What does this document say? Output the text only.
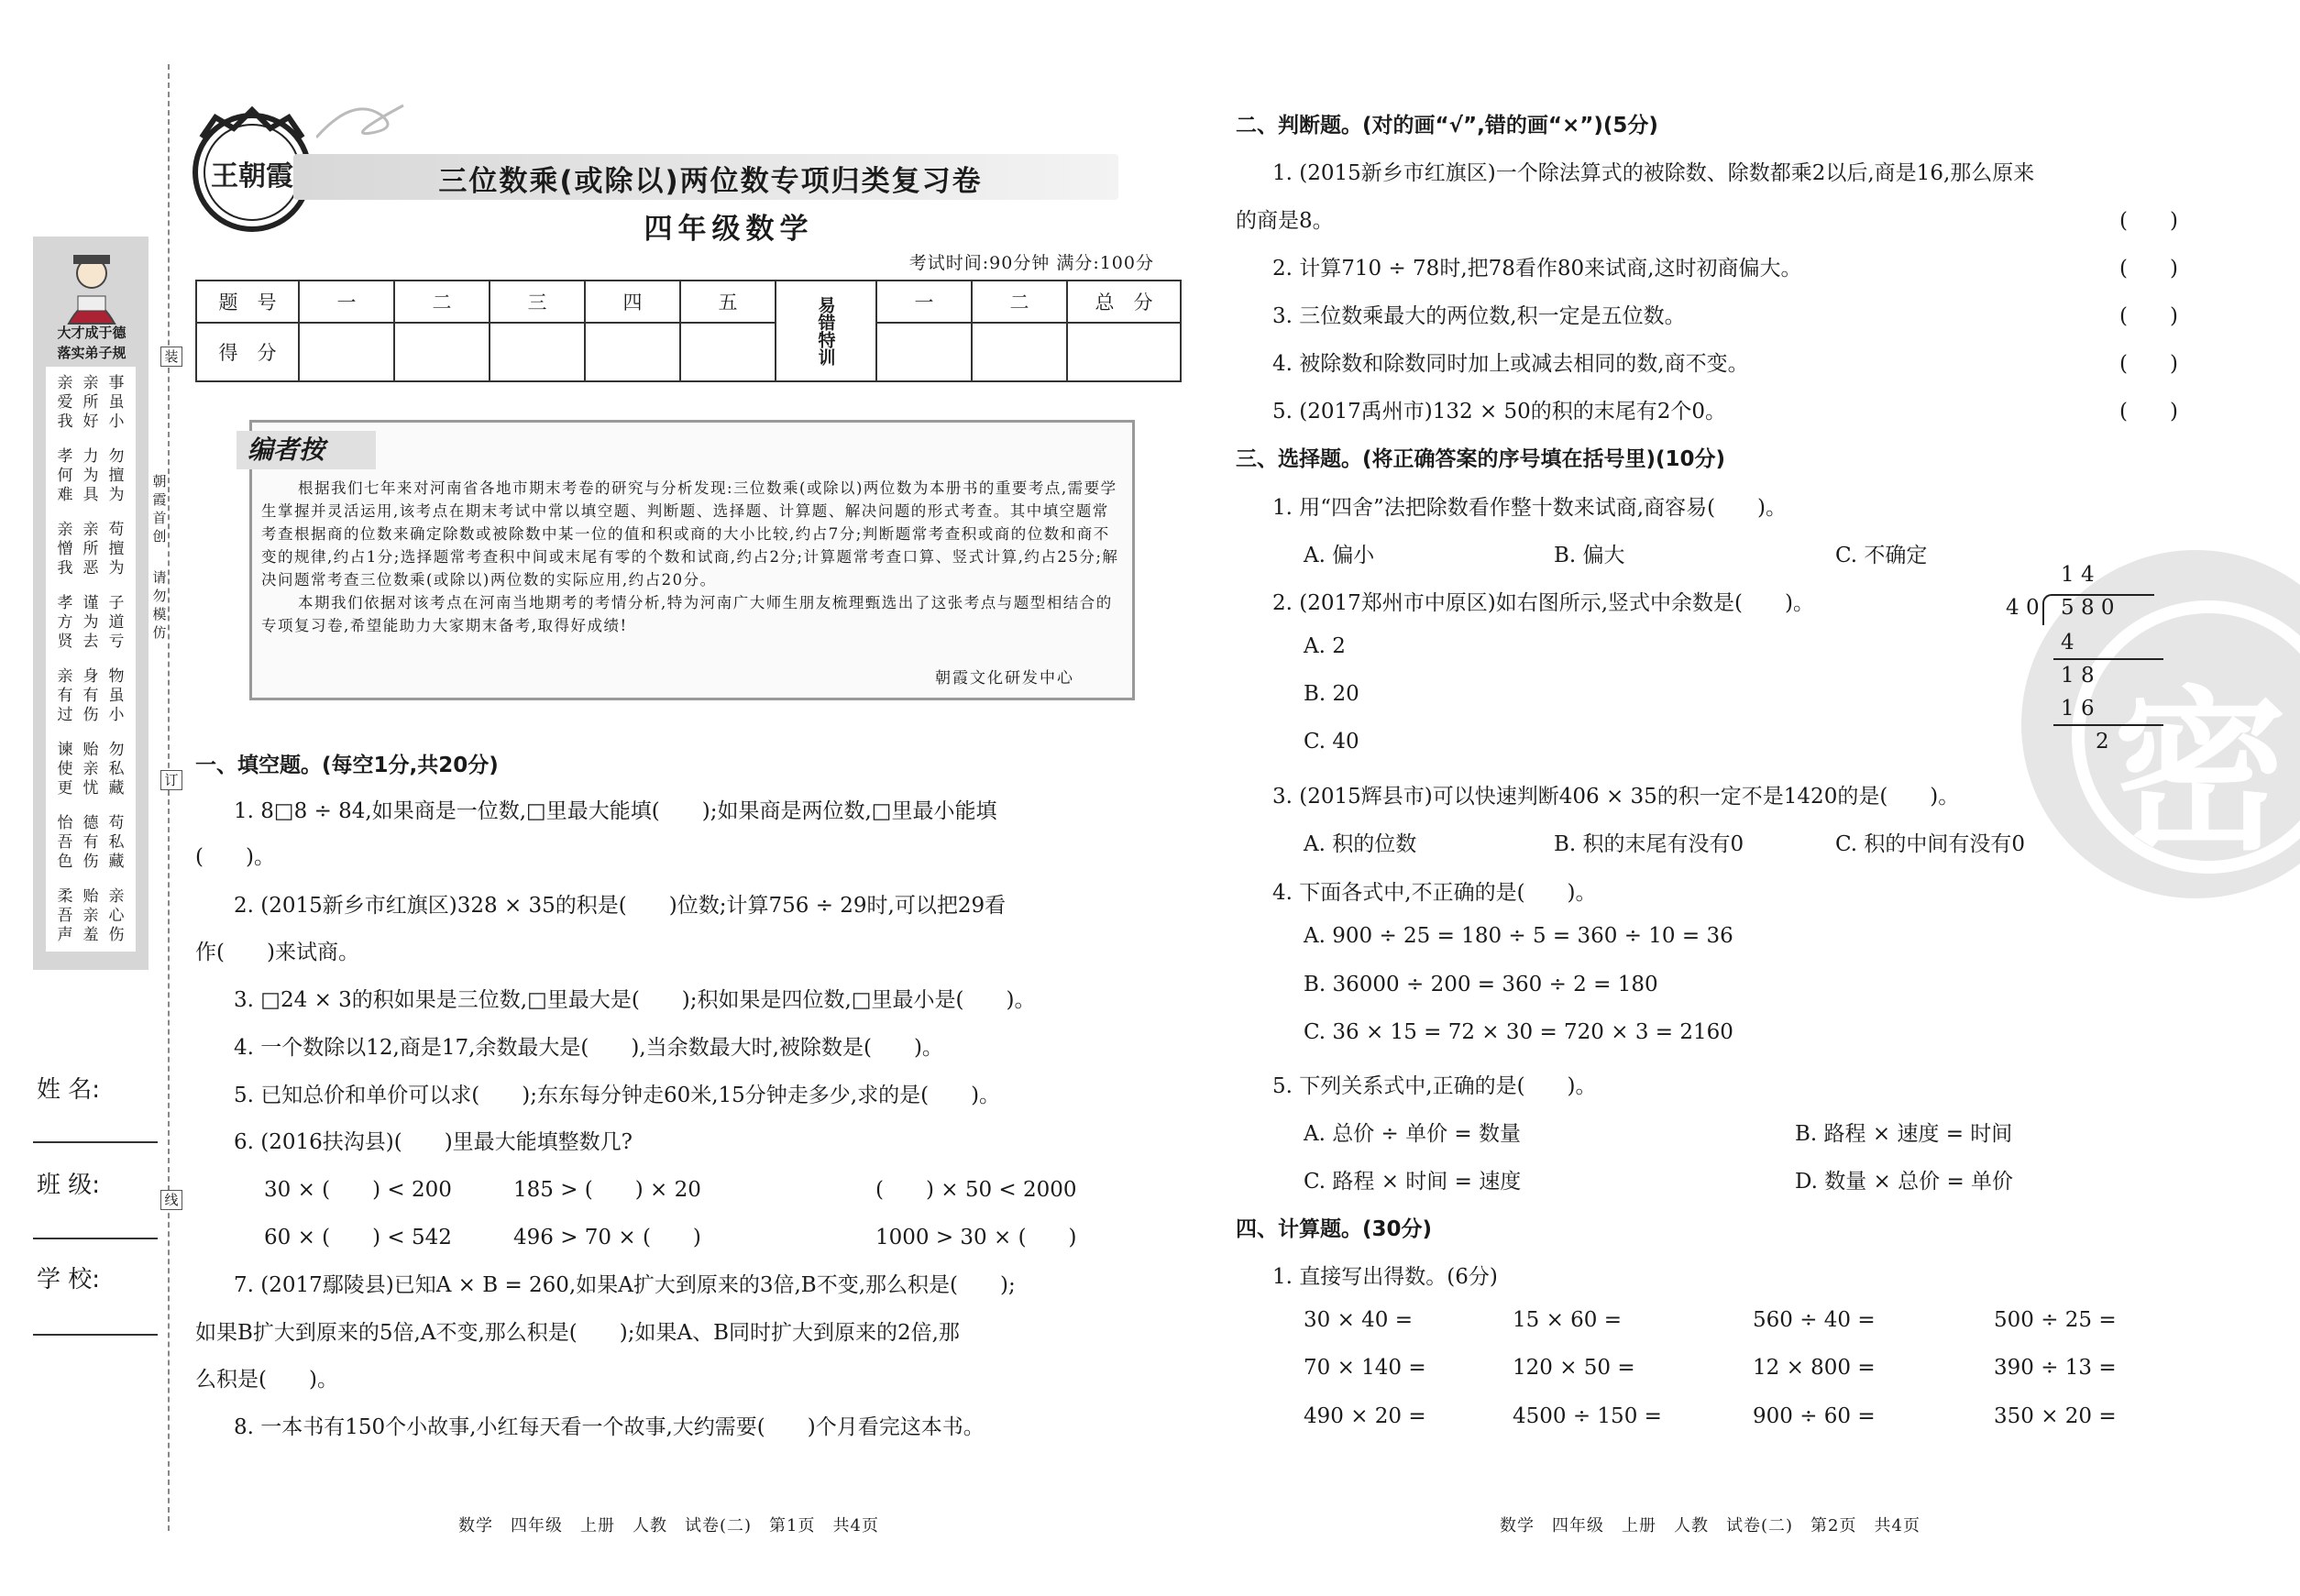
大才成于德
落实弟子规
亲爱我
亲所好
事虽小
孝何难
力为具
勿擅为
亲憎我
亲所恶
苟擅为
孝方贤
谨为去
子道亏
亲有过
身有伤
物虽小
谏使更
贻亲忧
勿私藏
怡吾色
德有伤
苟私藏
柔吾声
贻亲羞
亲心伤
装
订
线
朝霞首创
请勿模仿
姓 名:
班 级:
学 校:
王朝霞	三位数乘(或除以)两位数专项归类复习卷
四年级数学
考试时间:90分钟 满分:100分
题　号	一	二	三	四	五	易错特训	一	二	总　分
得　分									
编者按
根据我们七年来对河南省各地市期末考卷的研究与分析发现:三位数乘(或除以)两位数为本册书的重要考点,需要学生掌握并灵活运用,该考点在期末考试中常以填空题、判断题、选择题、计算题、解决问题的形式考查。其中填空题常考查根据商的位数来确定除数或被除数中某一位的值和积或商的大小比较,约占7分;判断题常考查积或商的位数和商不变的规律,约占1分;选择题常考查积中间或末尾有零的个数和试商,约占2分;计算题常考查口算、竖式计算,约占25分;解决问题常考查三位数乘(或除以)两位数的实际应用,约占20分。
本期我们依据对该考点在河南当地期考的考情分析,特为河南广大师生朋友梳理甄选出了这张考点与题型相结合的专项复习卷,希望能助力大家期末备考,取得好成绩!
朝霞文化研发中心
一、填空题。(每空1分,共20分)
1. 8□8 ÷ 84,如果商是一位数,□里最大能填(　　);如果商是两位数,□里最小能填
(　　)。
2. (2015新乡市红旗区)328 × 35的积是(　　)位数;计算756 ÷ 29时,可以把29看
作(　　)来试商。
3. □24 × 3的积如果是三位数,□里最大是(　　);积如果是四位数,□里最小是(　　)。
4. 一个数除以12,商是17,余数最大是(　　),当余数最大时,被除数是(　　)。
5. 已知总价和单价可以求(　　);东东每分钟走60米,15分钟走多少,求的是(　　)。
6. (2016扶沟县)(　　)里最大能填整数几?
30 × (　　) < 200	185 > (　　) × 20	(　　) × 50 < 2000
60 × (　　) < 542	496 > 70 × (　　)	1000 > 30 × (　　)
7. (2017鄢陵县)已知A × B = 260,如果A扩大到原来的3倍,B不变,那么积是(　　);
如果B扩大到原来的5倍,A不变,那么积是(　　);如果A、B同时扩大到原来的2倍,那
么积是(　　)。
8. 一本书有150个小故事,小红每天看一个故事,大约需要(　　)个月看完这本书。
数学　四年级　上册　人教　试卷(二)　第1页　共4页
密
二、判断题。(对的画“√”,错的画“×”)(5分)
1. (2015新乡市红旗区)一个除法算式的被除数、除数都乘2以后,商是16,那么原来
的商是8。	(　　)
2. 计算710 ÷ 78时,把78看作80来试商,这时初商偏大。	(　　)
3. 三位数乘最大的两位数,积一定是五位数。	(　　)
4. 被除数和除数同时加上或减去相同的数,商不变。	(　　)
5. (2017禹州市)132 × 50的积的末尾有2个0。	(　　)
三、选择题。(将正确答案的序号填在括号里)(10分)
1. 用“四舍”法把除数看作整十数来试商,商容易(　　)。
A. 偏小	B. 偏大	C. 不确定
2. (2017郑州市中原区)如右图所示,竖式中余数是(　　)。
A. 2
B. 20
C. 40
1 4
4 0 5 8 0
4
1 8
1 6
2
3. (2015辉县市)可以快速判断406 × 35的积一定不是1420的是(　　)。
A. 积的位数	B. 积的末尾有没有0	C. 积的中间有没有0
4. 下面各式中,不正确的是(　　)。
A. 900 ÷ 25 = 180 ÷ 5 = 360 ÷ 10 = 36
B. 36000 ÷ 200 = 360 ÷ 2 = 180
C. 36 × 15 = 72 × 30 = 720 × 3 = 2160
5. 下列关系式中,正确的是(　　)。
A. 总价 ÷ 单价 = 数量	B. 路程 × 速度 = 时间
C. 路程 × 时间 = 速度	D. 数量 × 总价 = 单价
四、计算题。(30分)
1. 直接写出得数。(6分)
30 × 40 =	15 × 60 =	560 ÷ 40 =	500 ÷ 25 =
70 × 140 =	120 × 50 =	12 × 800 =	390 ÷ 13 =
490 × 20 =	4500 ÷ 150 =	900 ÷ 60 =	350 × 20 =
数学　四年级　上册　人教　试卷(二)　第2页　共4页
